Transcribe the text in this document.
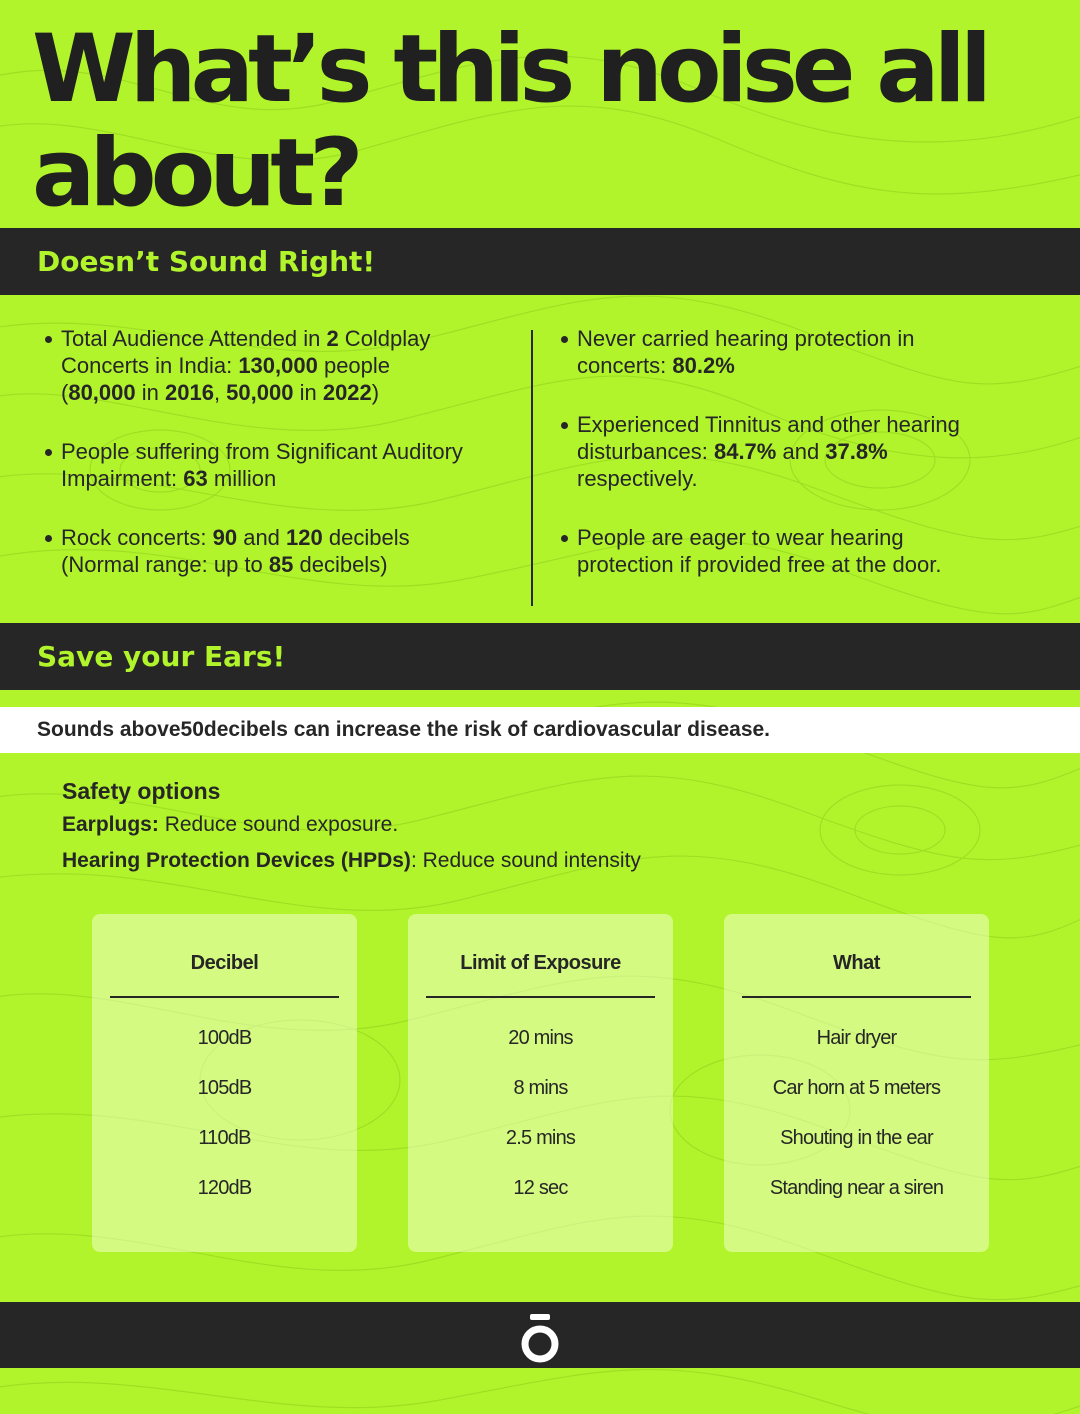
What’s this noise all about?
Doesn’t Sound Right!
Total Audience Attended in 2 Coldplay Concerts in India: 130,000 people
(80,000 in 2016, 50,000 in 2022)
People suffering from Significant Auditory Impairment: 63 million
Rock concerts: 90 and 120 decibels
(Normal range: up to 85 decibels)
Never carried hearing protection in concerts: 80.2%
Experienced Tinnitus and other hearing disturbances: 84.7% and 37.8% respectively.
People are eager to wear hearing protection if provided free at the door.
Save your Ears!
Sounds above 50 decibels can increase the risk of cardiovascular disease.
Safety options
Earplugs: Reduce sound exposure.
Hearing Protection Devices (HPDs): Reduce sound intensity
Decibel
100dB
105dB
110dB
120dB
Limit of Exposure
20 mins
8 mins
2.5 mins
12 sec
What
Hair dryer
Car horn at 5 meters
Shouting in the ear
Standing near a siren
